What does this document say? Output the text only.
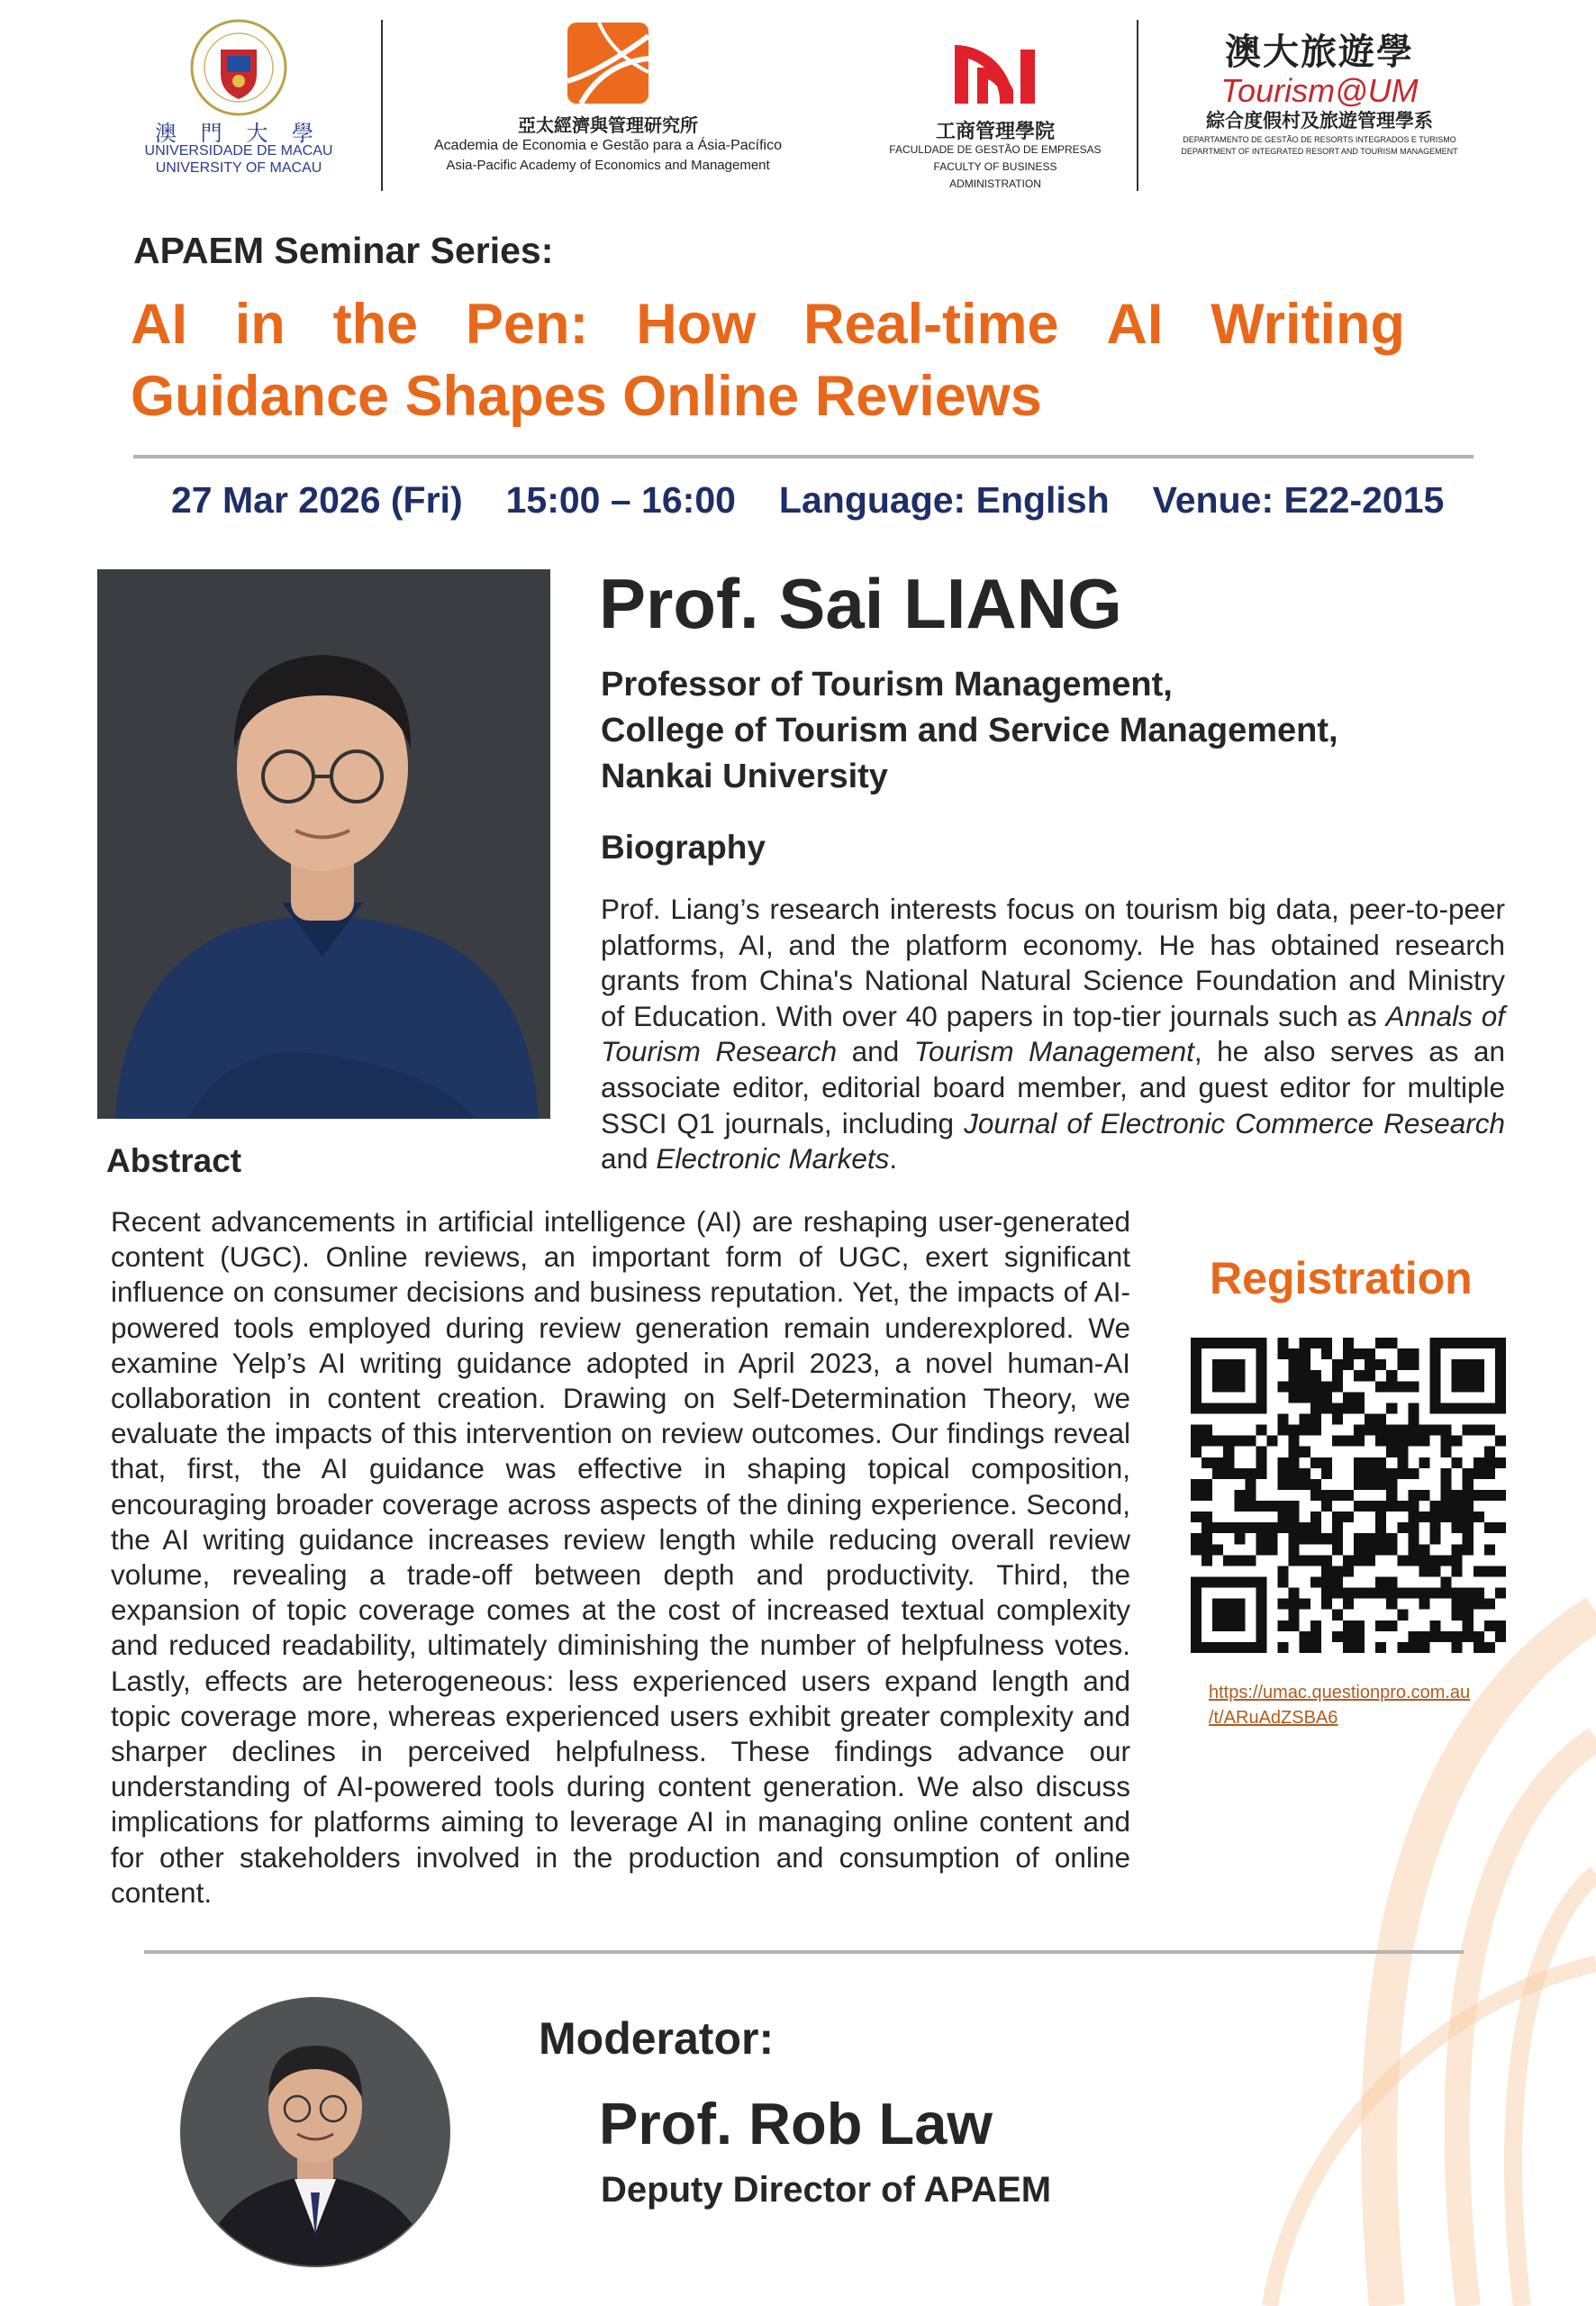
澳 門 大 學
UNIVERSIDADE DE MACAU
UNIVERSITY OF MACAU
亞太經濟與管理研究所
Academia de Economia e Gestão para a Ásia-Pacífico
Asia-Pacific Academy of Economics and Management
工商管理學院
FACULDADE DE GESTÃO DE EMPRESAS
FACULTY OF BUSINESS ADMINISTRATION
澳大旅遊學
Tourism@UM
綜合度假村及旅遊管理學系
DEPARTAMENTO DE GESTÃO DE RESORTS INTEGRADOS E TURISMO
DEPARTMENT OF INTEGRATED RESORT AND TOURISM MANAGEMENT
APAEM Seminar Series:
AI in the Pen: How Real-time AI Writing
Guidance Shapes Online Reviews
27 Mar 2026 (Fri) 15:00 – 16:00 Language: English Venue: E22-2015
Prof. Sai LIANG
Professor of Tourism Management,
College of Tourism and Service Management,
Nankai University
Biography
Prof. Liang’s research interests focus on tourism big data, peer-to-peer platforms, AI, and the platform economy. He has obtained research grants from China's National Natural Science Foundation and Ministry of Education. With over 40 papers in top-tier journals such as Annals of Tourism Research and Tourism Management, he also serves as an associate editor, editorial board member, and guest editor for multiple SSCI Q1 journals, including Journal of Electronic Commerce Research and Electronic Markets.
Abstract
Recent advancements in artificial intelligence (AI) are reshaping user-generated content (UGC). Online reviews, an important form of UGC, exert significant influence on consumer decisions and business reputation. Yet, the impacts of AI-powered tools employed during review generation remain underexplored. We examine Yelp’s AI writing guidance adopted in April 2023, a novel human-AI collaboration in content creation. Drawing on Self-Determination Theory, we evaluate the impacts of this intervention on review outcomes. Our findings reveal that, first, the AI guidance was effective in shaping topical composition, encouraging broader coverage across aspects of the dining experience. Second, the AI writing guidance increases review length while reducing overall review volume, revealing a trade-off between depth and productivity. Third, the expansion of topic coverage comes at the cost of increased textual complexity and reduced readability, ultimately diminishing the number of helpfulness votes. Lastly, effects are heterogeneous: less experienced users expand length and topic coverage more, whereas experienced users exhibit greater complexity and sharper declines in perceived helpfulness. These findings advance our understanding of AI-powered tools during content generation. We also discuss implications for platforms aiming to leverage AI in managing online content and for other stakeholders involved in the production and consumption of online content.
Registration
https://umac.questionpro.com.au
/t/ARuAdZSBA6
Moderator:
Prof. Rob Law
Deputy Director of APAEM
